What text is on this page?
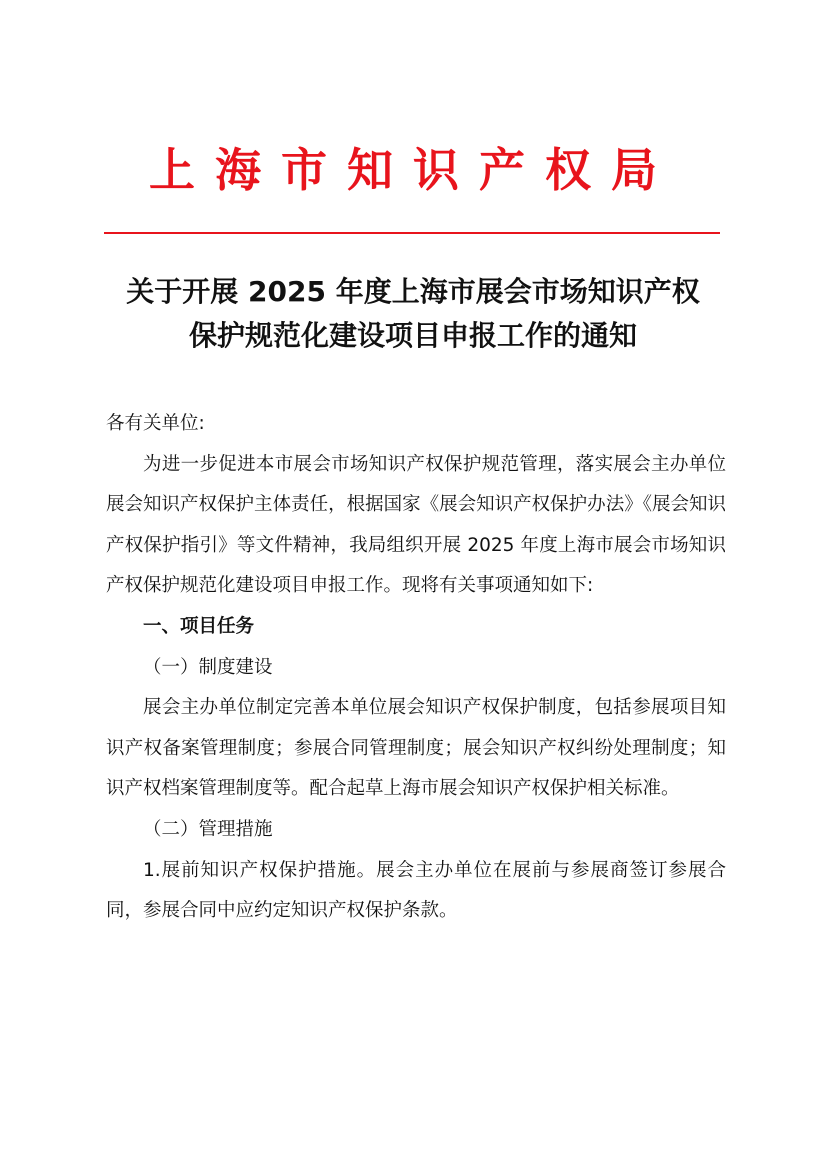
上海市知识产权局
关于开展 2025 年度上海市展会市场知识产权
保护规范化建设项目申报工作的通知

各有关单位:

为进一步促进本市展会市场知识产权保护规范管理，落实展会主办单位展会知识产权保护主体责任，根据国家《展会知识产权保护办法》《展会知识产权保护指引》等文件精神，我局组织开展 2025 年度上海市展会市场知识产权保护规范化建设项目申报工作。现将有关事项通知如下:

一、项目任务

（一）制度建设

展会主办单位制定完善本单位展会知识产权保护制度，包括参展项目知识产权备案管理制度；参展合同管理制度；展会知识产权纠纷处理制度；知识产权档案管理制度等。配合起草上海市展会知识产权保护相关标准。

（二）管理措施

1.展前知识产权保护措施。展会主办单位在展前与参展商签订参展合同，参展合同中应约定知识产权保护条款。
